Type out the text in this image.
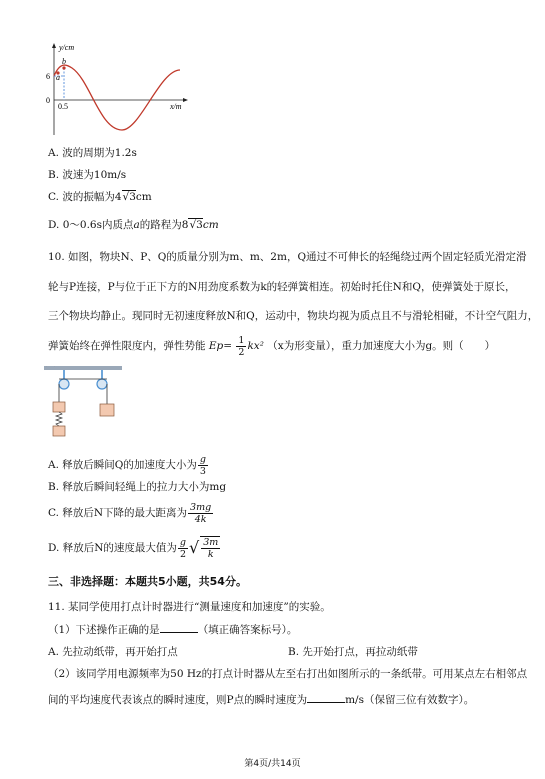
y/cm
x/m
0
6
0.5
a
b
A. 波的周期为1.2s
B. 波速为10m/s
C. 波的振幅为4√3cm
D. 0～0.6s内质点a的路程为8√3cm
10. 如图，物块N、P、Q的质量分别为m、m、2m，Q通过不可伸长的轻绳绕过两个固定轻质光滑定滑
轮与P连接，P与位于正下方的N用劲度系数为k的轻弹簧相连。初始时托住N和Q，使弹簧处于原长，
三个物块均静止。现同时无初速度释放N和Q，运动中，物块均视为质点且不与滑轮相碰，不计空气阻力，
弹簧始终在弹性限度内，弹性势能 $Ep= \frac{1}{2} kx^2$ （x为形变量），重力加速度大小为g。则（　　）
A. 释放后瞬间Q的加速度大小为 $\frac{g}{3}$
B. 释放后瞬间轻绳上的拉力大小为mg
C. 释放后N下降的最大距离为 $\frac{3mg}{4k}$
D. 释放后N的速度最大值为 $\frac{g}{2}$ √ $\frac{3m}{k}$
三、非选择题：本题共5小题，共54分。
11. 某同学使用打点计时器进行“测量速度和加速度”的实验。
（1）下述操作正确的是	（填正确答案标号）。
A. 先拉动纸带，再开始打点	B. 先开始打点，再拉动纸带
（2）该同学用电源频率为50 Hz的打点计时器从左至右打出如图所示的一条纸带。可用某点左右相邻点
间的平均速度代表该点的瞬时速度，则P点的瞬时速度为	m/s（保留三位有效数字）。
第4页/共14页
